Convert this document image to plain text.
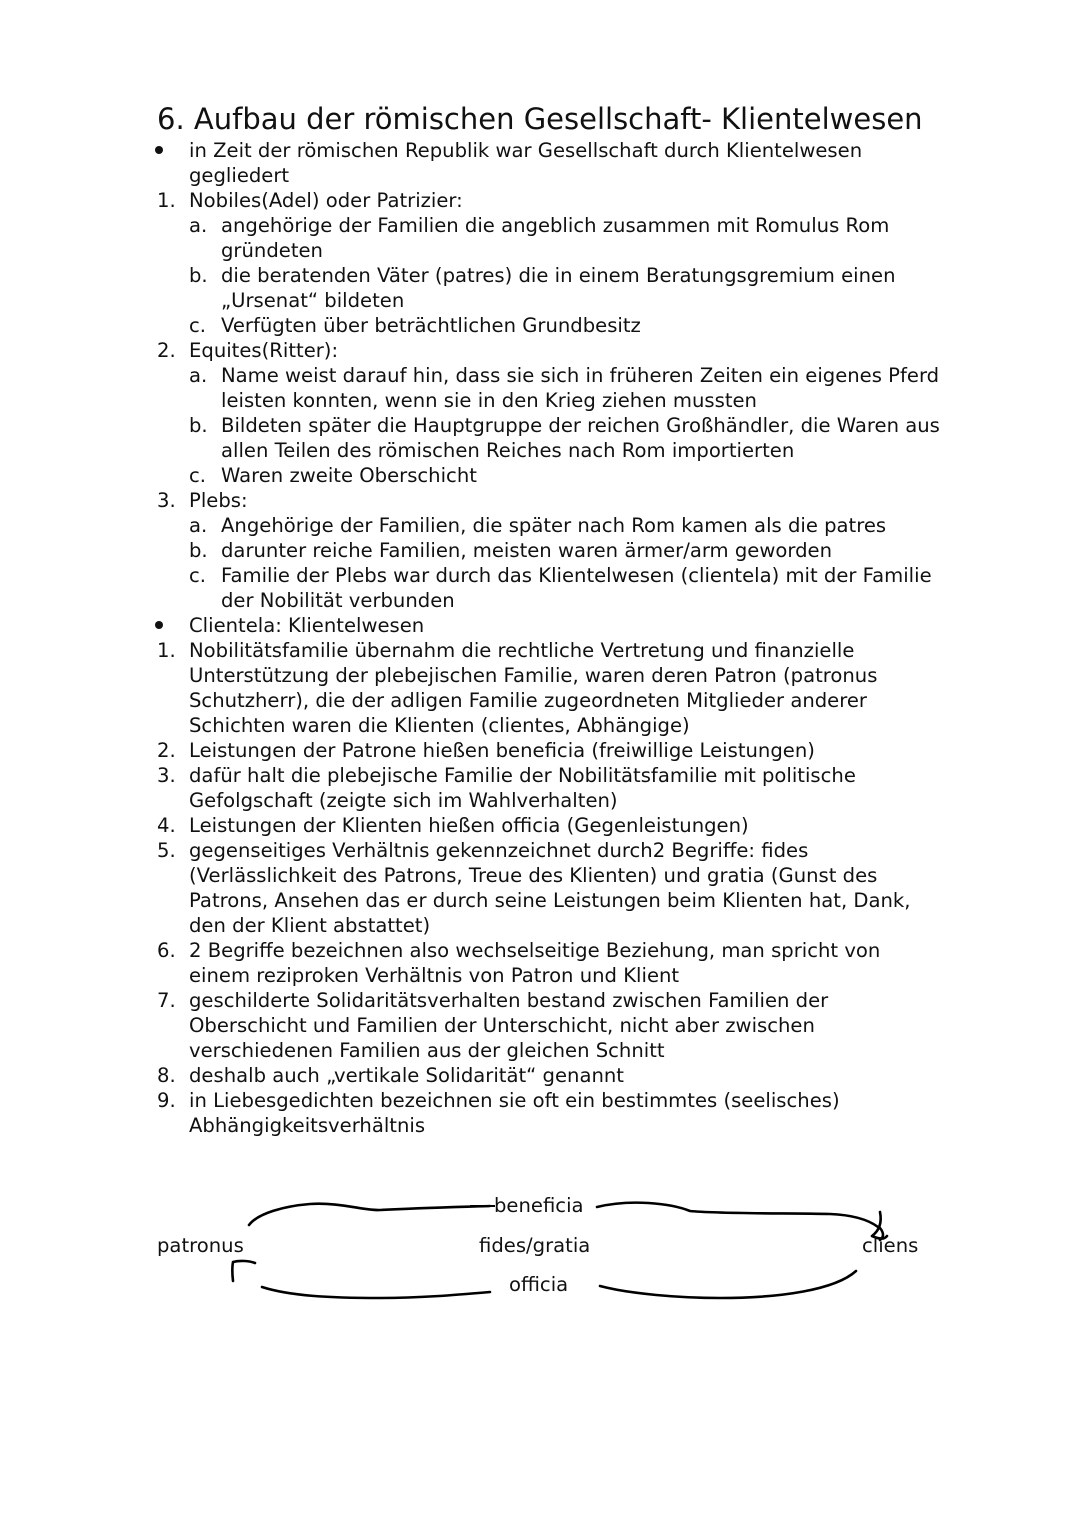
6. Aufbau der römischen Gesellschaft- Klientelwesen
in Zeit der römischen Republik war Gesellschaft durch Klientelwesen
gegliedert
1. Nobiles(Adel) oder Patrizier:
a. angehörige der Familien die angeblich zusammen mit Romulus Rom
gründeten
b. die beratenden Väter (patres) die in einem Beratungsgremium einen
„Ursenat“ bildeten
c. Verfügten über beträchtlichen Grundbesitz
2. Equites(Ritter):
a. Name weist darauf hin, dass sie sich in früheren Zeiten ein eigenes Pferd
leisten konnten, wenn sie in den Krieg ziehen mussten
b. Bildeten später die Hauptgruppe der reichen Großhändler, die Waren aus
allen Teilen des römischen Reiches nach Rom importierten
c. Waren zweite Oberschicht
3. Plebs:
a. Angehörige der Familien, die später nach Rom kamen als die patres
b. darunter reiche Familien, meisten waren ärmer/arm geworden
c. Familie der Plebs war durch das Klientelwesen (clientela) mit der Familie
der Nobilität verbunden
Clientela: Klientelwesen
1. Nobilitätsfamilie übernahm die rechtliche Vertretung und finanzielle
Unterstützung der plebejischen Familie, waren deren Patron (patronus
Schutzherr), die der adligen Familie zugeordneten Mitglieder anderer
Schichten waren die Klienten (clientes, Abhängige)
2. Leistungen der Patrone hießen beneficia (freiwillige Leistungen)
3. dafür halt die plebejische Familie der Nobilitätsfamilie mit politische
Gefolgschaft (zeigte sich im Wahlverhalten)
4. Leistungen der Klienten hießen officia (Gegenleistungen)
5. gegenseitiges Verhältnis gekennzeichnet durch2 Begriffe: fides
(Verlässlichkeit des Patrons, Treue des Klienten) und gratia (Gunst des
Patrons, Ansehen das er durch seine Leistungen beim Klienten hat, Dank,
den der Klient abstattet)
6. 2 Begriffe bezeichnen also wechselseitige Beziehung, man spricht von
einem reziproken Verhältnis von Patron und Klient
7. geschilderte Solidaritätsverhalten bestand zwischen Familien der
Oberschicht und Familien der Unterschicht, nicht aber zwischen
verschiedenen Familien aus der gleichen Schnitt
8. deshalb auch „vertikale Solidarität“ genannt
9. in Liebesgedichten bezeichnen sie oft ein bestimmtes (seelisches)
Abhängigkeitsverhältnis
patronus	cliens
beneficia
fides/gratia
officia
